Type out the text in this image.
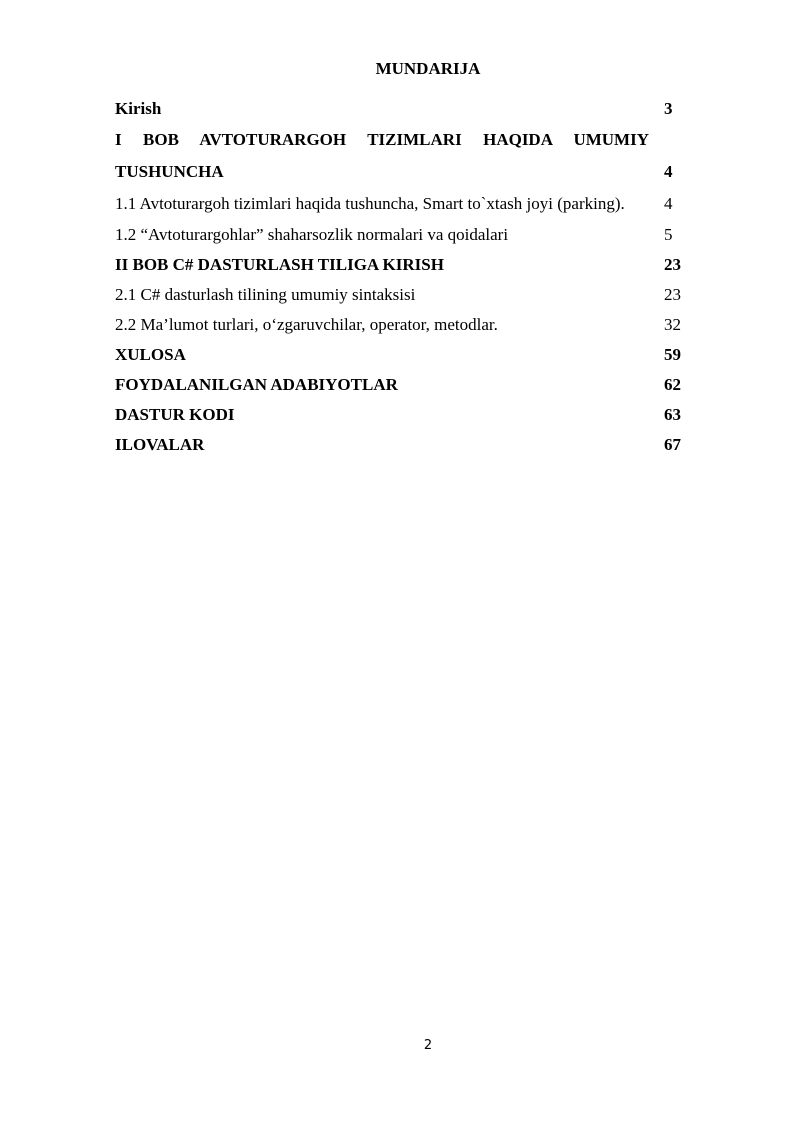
MUNDARIJA
Kirish	3
I BOB AVTOTURARGOH TIZIMLARI HAQIDA UMUMIY TUSHUNCHA	4
1.1 Avtoturargoh tizimlari haqida tushuncha, Smart to`xtash joyi (parking).	4
1.2 “Avtoturargohlar” shaharsozlik normalari va qoidalari	5
II BOB C# DASTURLASH TILIGA KIRISH	23
2.1 C# dasturlash tilining umumiy sintaksisi	23
2.2 Ma’lumot turlari, o‘zgaruvchilar, operator, metodlar.	32
XULOSA	59
FOYDALANILGAN ADABIYOTLAR	62
DASTUR KODI	63
ILOVALAR	67
2
